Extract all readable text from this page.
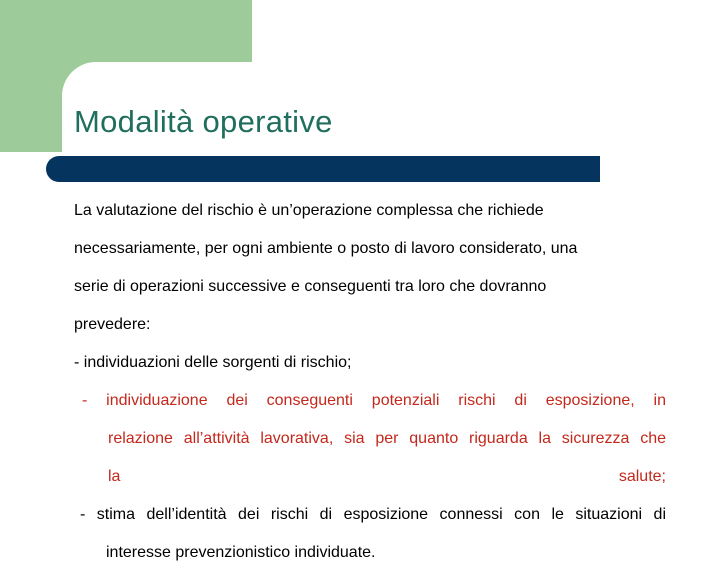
Modalità operative
La valutazione del rischio è un’operazione complessa che richiede
necessariamente, per ogni ambiente o posto di lavoro considerato, una
serie di operazioni successive e conseguenti tra loro che dovranno
prevedere:
- individuazioni delle sorgenti di rischio;
- individuazione dei conseguenti potenziali rischi di esposizione, in
relazione all’attività lavorativa, sia per quanto riguarda la sicurezza che
la salute;
- stima dell’identità dei rischi di esposizione connessi con le situazioni di
interesse prevenzionistico individuate.
